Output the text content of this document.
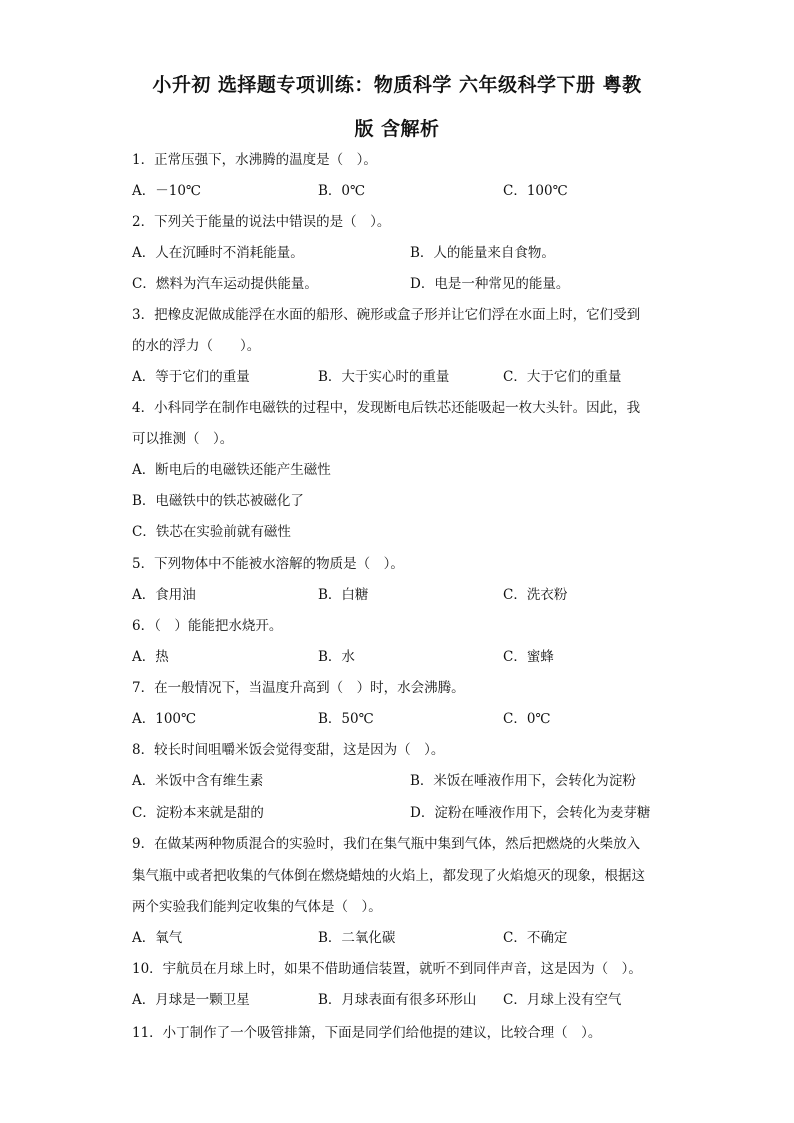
小升初 选择题专项训练：物质科学 六年级科学下册 粤教
版 含解析
1．正常压强下，水沸腾的温度是（　）。
A．－10℃	B．0℃	C．100℃
2．下列关于能量的说法中错误的是（　）。
A．人在沉睡时不消耗能量。	B．人的能量来自食物。
C．燃料为汽车运动提供能量。	D．电是一种常见的能量。
3．把橡皮泥做成能浮在水面的船形、碗形或盒子形并让它们浮在水面上时，它们受到
的水的浮力（　　）。
A．等于它们的重量	B．大于实心时的重量	C．大于它们的重量
4．小科同学在制作电磁铁的过程中，发现断电后铁芯还能吸起一枚大头针。因此，我
可以推测（　）。
A．断电后的电磁铁还能产生磁性
B．电磁铁中的铁芯被磁化了
C．铁芯在实验前就有磁性
5．下列物体中不能被水溶解的物质是（　）。
A．食用油	B．白糖	C．洗衣粉
6．（　）能能把水烧开。
A．热	B．水	C．蜜蜂
7．在一般情况下，当温度升高到（　）时，水会沸腾。
A．100℃	B．50℃	C．0℃
8．较长时间咀嚼米饭会觉得变甜，这是因为（　）。
A．米饭中含有维生素	B．米饭在唾液作用下，会转化为淀粉
C．淀粉本来就是甜的	D．淀粉在唾液作用下，会转化为麦芽糖
9．在做某两种物质混合的实验时，我们在集气瓶中集到气体，然后把燃烧的火柴放入
集气瓶中或者把收集的气体倒在燃烧蜡烛的火焰上，都发现了火焰熄灭的现象，根据这
两个实验我们能判定收集的气体是（　）。
A．氧气	B．二氧化碳	C．不确定
10．宇航员在月球上时，如果不借助通信装置，就听不到同伴声音，这是因为（　）。
A．月球是一颗卫星	B．月球表面有很多环形山 C．月球上没有空气
11．小丁制作了一个吸管排箫，下面是同学们给他提的建议，比较合理（　）。
